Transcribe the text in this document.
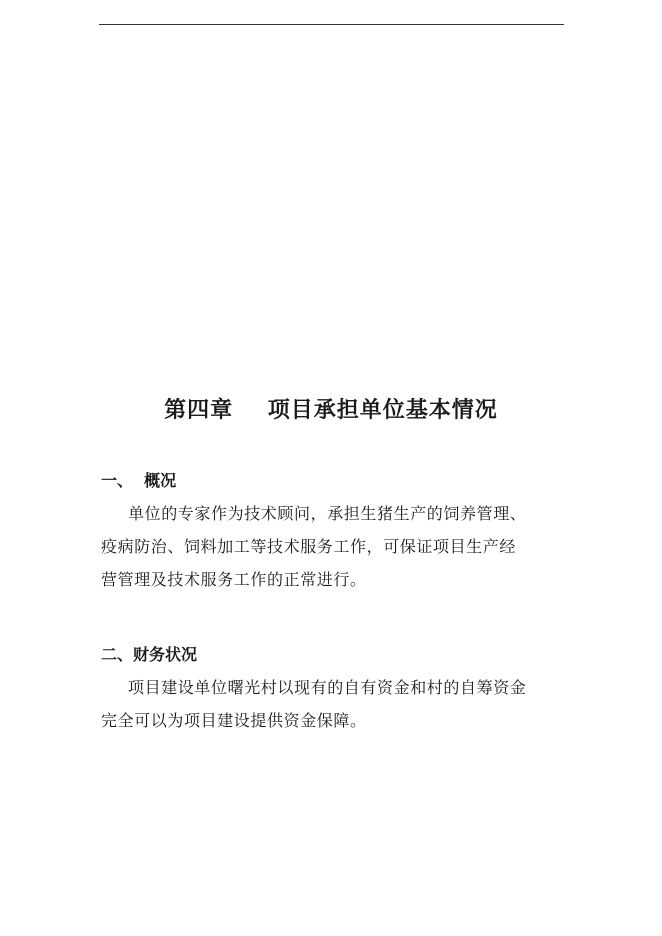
第四章    项目承担单位基本情况
一、  概况
单位的专家作为技术顾问，承担生猪生产的饲养管理、
疫病防治、饲料加工等技术服务工作，可保证项目生产经
营管理及技术服务工作的正常进行。
二、财务状况
项目建设单位曙光村以现有的自有资金和村的自筹资金
完全可以为项目建设提供资金保障。
